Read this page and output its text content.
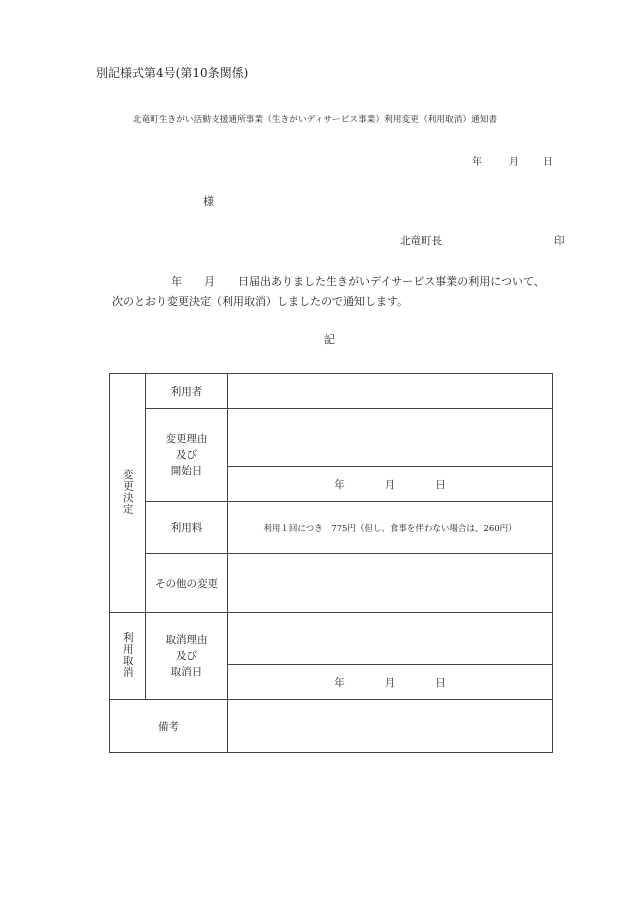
別記様式第4号(第10条関係)
北竜町生きがい活動支援通所事業（生きがいディサービス事業）利用変更（利用取消）通知書
年	月 日
様
北竜町長	印
年 月 日届出ありました生きがいデイサービス事業の利用について、
次のとおり変更決定（利用取消）しましたので通知します。
記
変更決定	利用者	

	変更理由
及び
開始日	

		年 月 日
	利用料	利用１回につき　775円（但し、食事を伴わない場合は，260円）
	その他の変更	
利用取消	取消理由
及び
取消日	

		年 月 日
備考		
